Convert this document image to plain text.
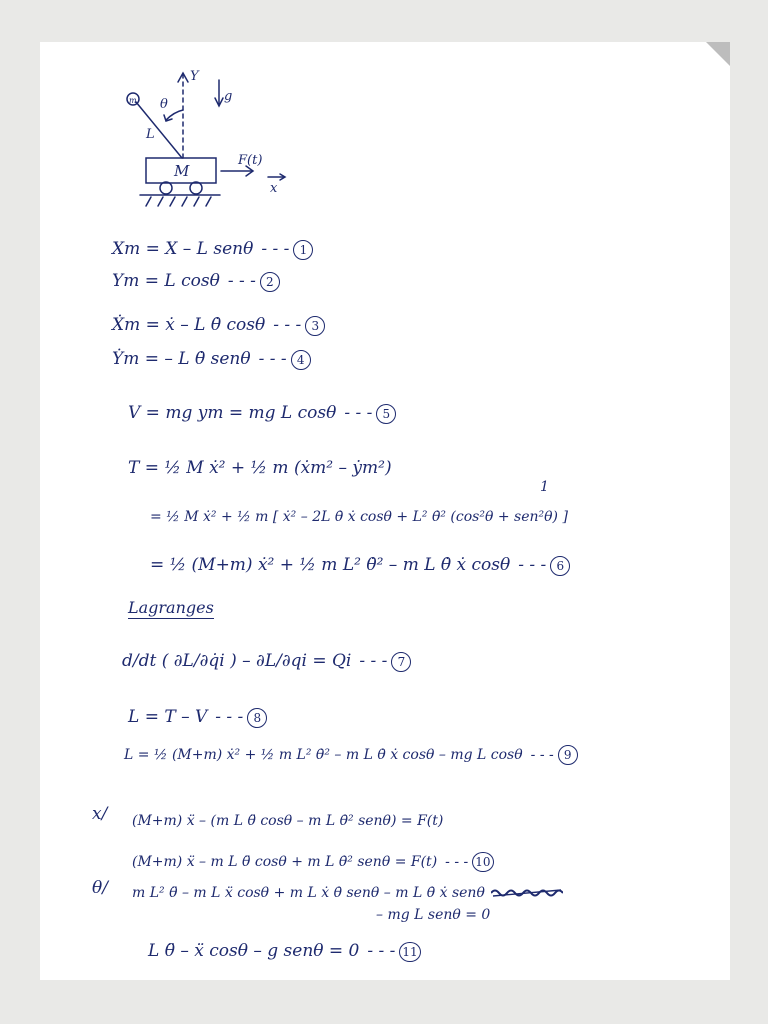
Y
g
θ
m
L
M
F(t)
x
Xm = X – L senθ - - - 1
Ym = L cosθ - - - 2
Ẋm = ẋ – L θ̇ cosθ - - - 3
Ẏm = – L θ̇ senθ - - - 4
V = mg ym = mg L cosθ - - - 5
T = ½ M ẋ² + ½ m (ẋm² – ẏm²)
1
= ½ M ẋ² + ½ m [ ẋ² – 2L θ̇ ẋ cosθ + L² θ̇² (cos²θ + sen²θ) ]
= ½ (M+m) ẋ² + ½ m L² θ̇² – m L θ̇ ẋ cosθ - - - 6
Lagranges
d/dt ( ∂L/∂q̇i ) – ∂L/∂qi = Qi - - - 7
L = T – V - - - 8
L = ½ (M+m) ẋ² + ½ m L² θ̇² – m L θ̇ ẋ cosθ – mg L cosθ - - - 9
x/ (M+m) ẍ – (m L θ̈ cosθ – m L θ̇² senθ) = F(t)
(M+m) ẍ – m L θ̈ cosθ + m L θ̇² senθ = F(t) - - - 10
θ/ m L² θ̈ – m L ẍ cosθ + m L ẋ θ̇ senθ – m L θ̇ ẋ senθ
– mg L senθ = 0
L θ̈ – ẍ cosθ – g senθ = 0 - - - 11
